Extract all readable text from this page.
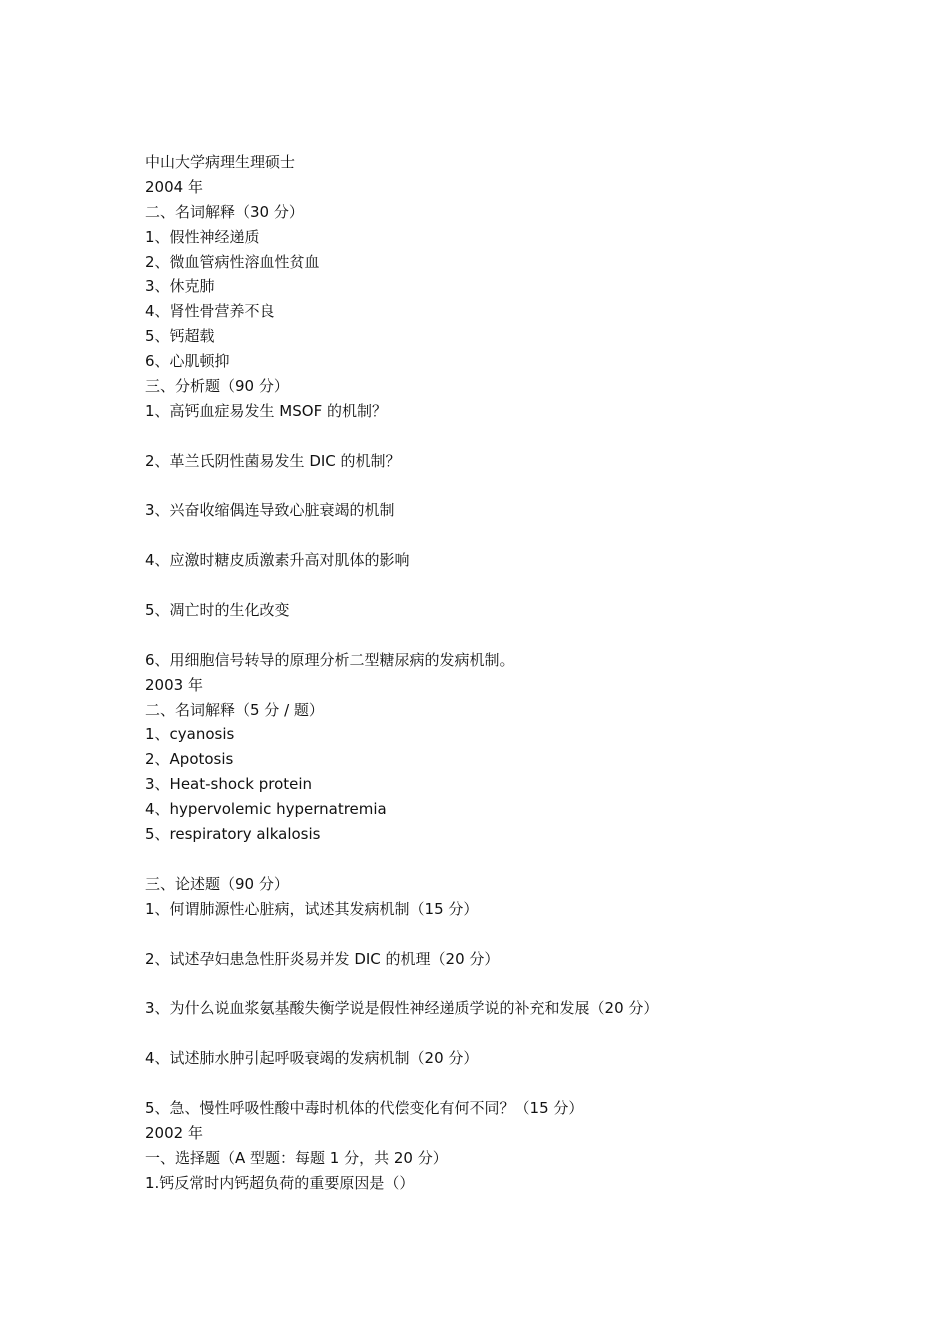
中山大学病理生理硕士
2004 年
二、名词解释（30 分）
1、假性神经递质
2、微血管病性溶血性贫血
3、休克肺
4、肾性骨营养不良
5、钙超载
6、心肌顿抑
三、分析题（90 分）
1、高钙血症易发生 MSOF 的机制？
2、革兰氏阴性菌易发生 DIC 的机制？
3、兴奋收缩偶连导致心脏衰竭的机制
4、应激时糖皮质激素升高对肌体的影响
5、凋亡时的生化改变
6、用细胞信号转导的原理分析二型糖尿病的发病机制。
2003 年
二、名词解释（5 分 / 题）
1、cyanosis
2、Apotosis
3、Heat-shock protein
4、hypervolemic hypernatremia
5、respiratory alkalosis
三、论述题（90 分）
1、何谓肺源性心脏病，试述其发病机制（15 分）
2、试述孕妇患急性肝炎易并发 DIC 的机理（20 分）
3、为什么说血浆氨基酸失衡学说是假性神经递质学说的补充和发展（20 分）
4、试述肺水肿引起呼吸衰竭的发病机制（20 分）
5、急、慢性呼吸性酸中毒时机体的代偿变化有何不同？（15 分）
2002 年
一、选择题（A 型题：每题 1 分，共 20 分）
1.钙反常时内钙超负荷的重要原因是（）
